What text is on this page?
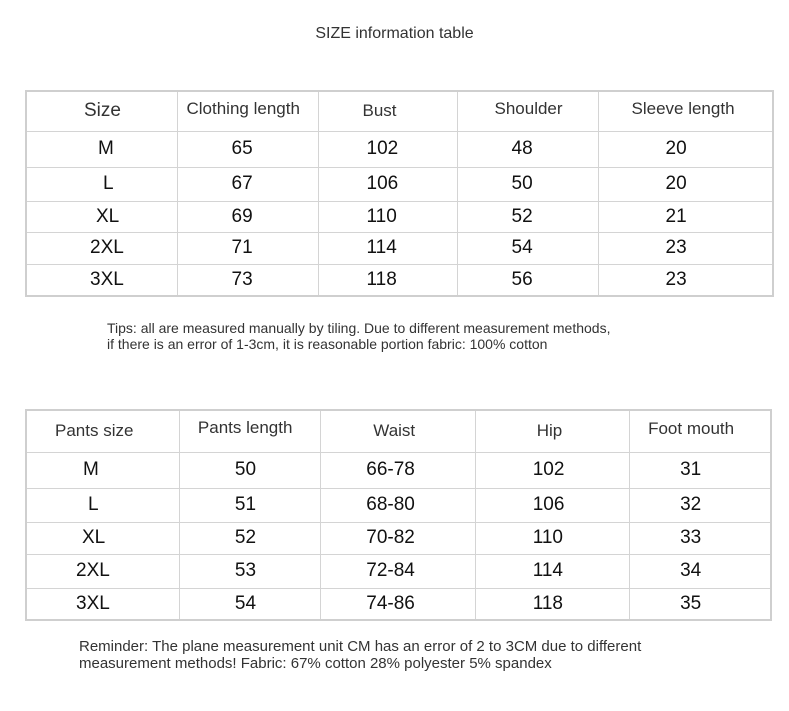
SIZE information table
Size	Clothing length	Bust	Shoulder	Sleeve length
M	65	102	48	20
L	67	106	50	20
XL	69	110	52	21
2XL	71	114	54	23
3XL	73	118	56	23
Tips: all are measured manually by tiling. Due to different measurement methods,
if there is an error of 1-3cm, it is reasonable portion fabric: 100% cotton
Pants size	Pants length	Waist	Hip	Foot mouth
M	50	66-78	102	31
L	51	68-80	106	32
XL	52	70-82	110	33
2XL	53	72-84	114	34
3XL	54	74-86	118	35
Reminder: The plane measurement unit CM has an error of 2 to 3CM due to different
measurement methods! Fabric: 67% cotton 28% polyester 5% spandex
